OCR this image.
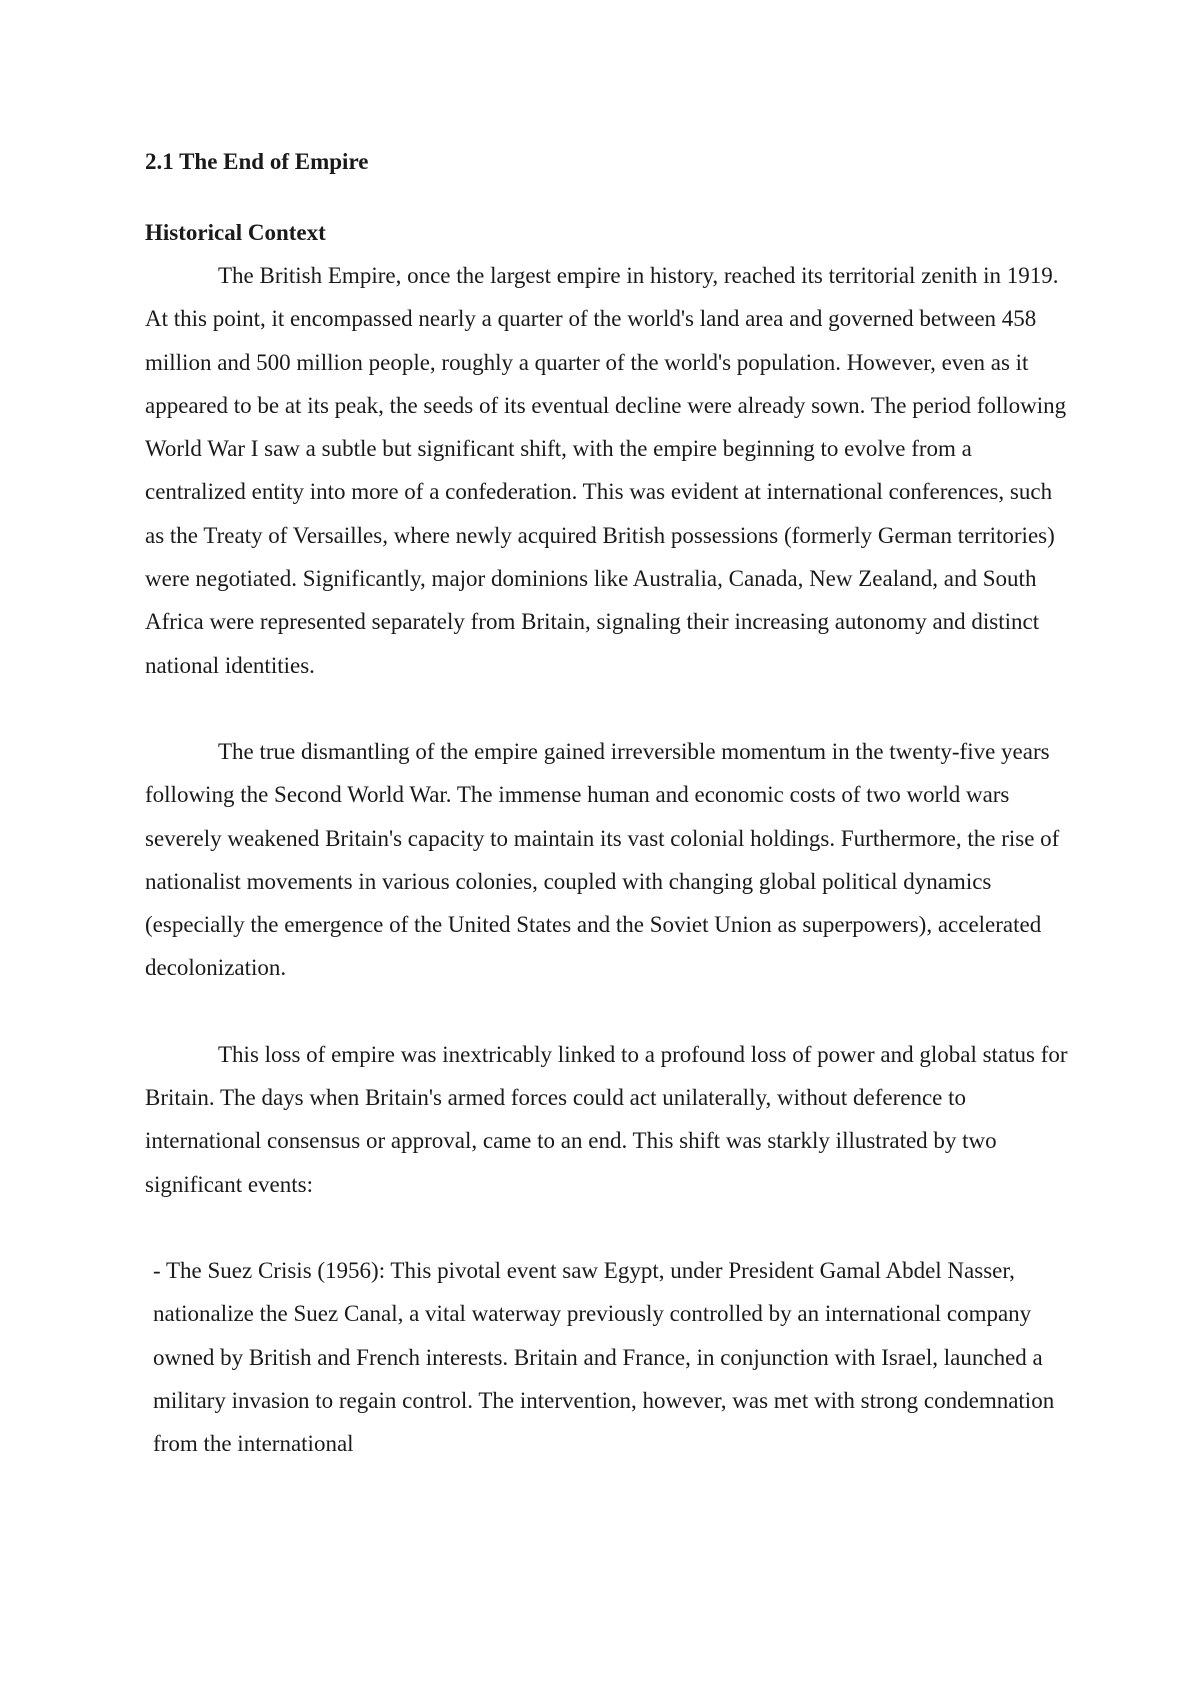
2.1 The End of Empire
Historical Context

The British Empire, once the largest empire in history, reached its territorial zenith in 1919. At this point, it encompassed nearly a quarter of the world's land area and governed between 458 million and 500 million people, roughly a quarter of the world's population. However, even as it appeared to be at its peak, the seeds of its eventual decline were already sown. The period following World War I saw a subtle but significant shift, with the empire beginning to evolve from a centralized entity into more of a confederation. This was evident at international conferences, such as the Treaty of Versailles, where newly acquired British possessions (formerly German territories) were negotiated. Significantly, major dominions like Australia, Canada, New Zealand, and South Africa were represented separately from Britain, signaling their increasing autonomy and distinct national identities.

The true dismantling of the empire gained irreversible momentum in the twenty-five years following the Second World War. The immense human and economic costs of two world wars severely weakened Britain's capacity to maintain its vast colonial holdings. Furthermore, the rise of nationalist movements in various colonies, coupled with changing global political dynamics (especially the emergence of the United States and the Soviet Union as superpowers), accelerated decolonization.

This loss of empire was inextricably linked to a profound loss of power and global status for Britain. The days when Britain's armed forces could act unilaterally, without deference to international consensus or approval, came to an end. This shift was starkly illustrated by two significant events:

- The Suez Crisis (1956): This pivotal event saw Egypt, under President Gamal Abdel Nasser, nationalize the Suez Canal, a vital waterway previously controlled by an international company owned by British and French interests. Britain and France, in conjunction with Israel, launched a military invasion to regain control. The intervention, however, was met with strong condemnation from the international
